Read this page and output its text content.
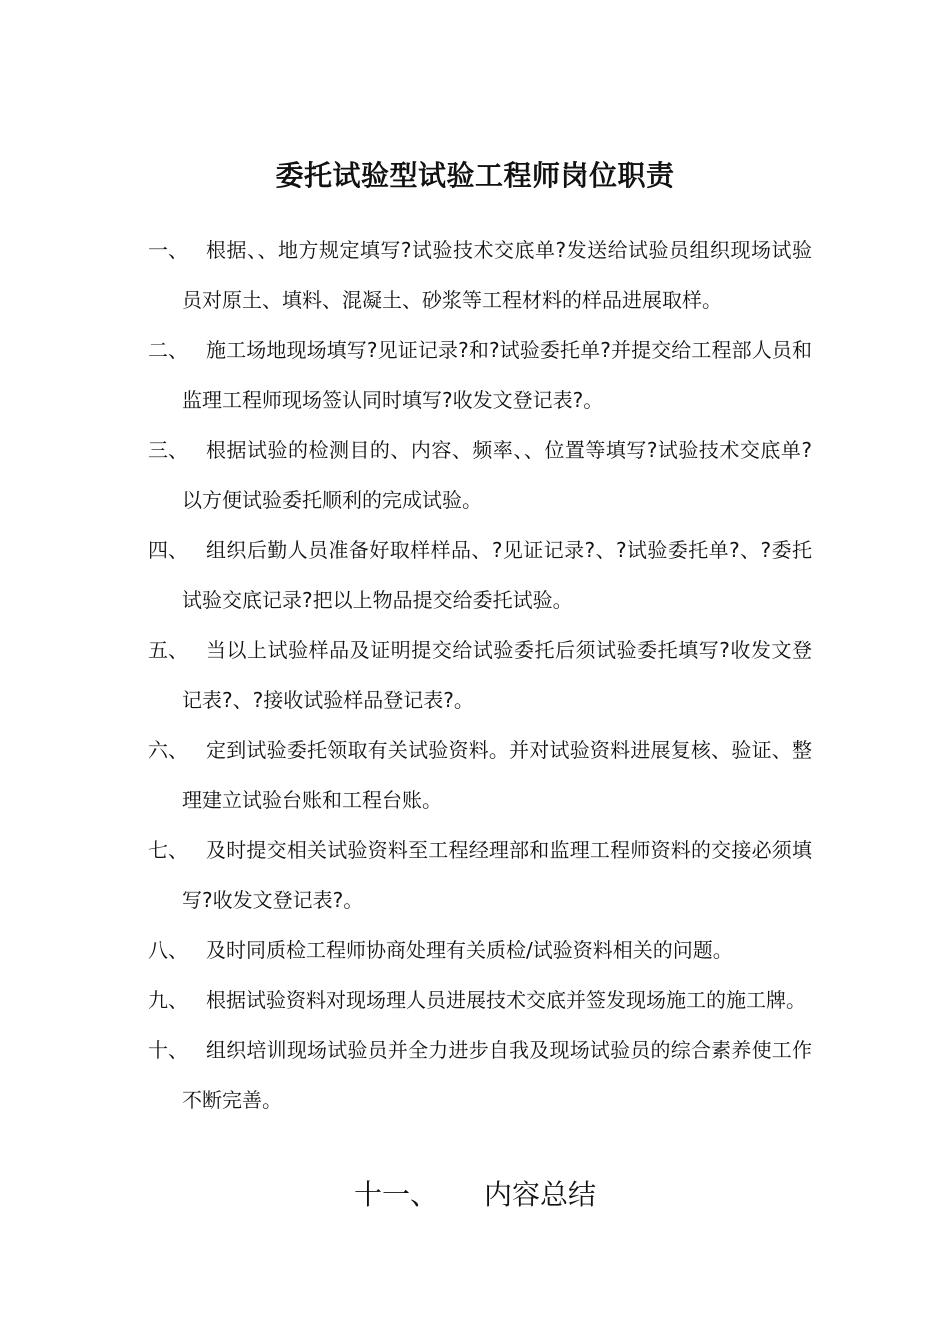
委托试验型试验工程师岗位职责
一、 根据、、地方规定填写?试验技术交底单?发送给试验员组织现场试验员对原土、填料、混凝土、砂浆等工程材料的样品进展取样。
二、 施工场地现场填写?见证记录?和?试验委托单?并提交给工程部人员和监理工程师现场签认同时填写?收发文登记表?。
三、 根据试验的检测目的、内容、频率、、位置等填写?试验技术交底单?以方便试验委托顺利的完成试验。
四、 组织后勤人员准备好取样样品、?见证记录?、?试验委托单?、?委托试验交底记录?把以上物品提交给委托试验。
五、 当以上试验样品及证明提交给试验委托后须试验委托填写?收发文登记表?、?接收试验样品登记表?。
六、 定到试验委托领取有关试验资料。并对试验资料进展复核、验证、整理建立试验台账和工程台账。
七、 及时提交相关试验资料至工程经理部和监理工程师资料的交接必须填写?收发文登记表?。
八、 及时同质检工程师协商处理有关质检/试验资料相关的问题。
九、 根据试验资料对现场理人员进展技术交底并签发现场施工的施工牌。
十、 组织培训现场试验员并全力进步自我及现场试验员的综合素养使工作不断完善。
十一、 内容总结
